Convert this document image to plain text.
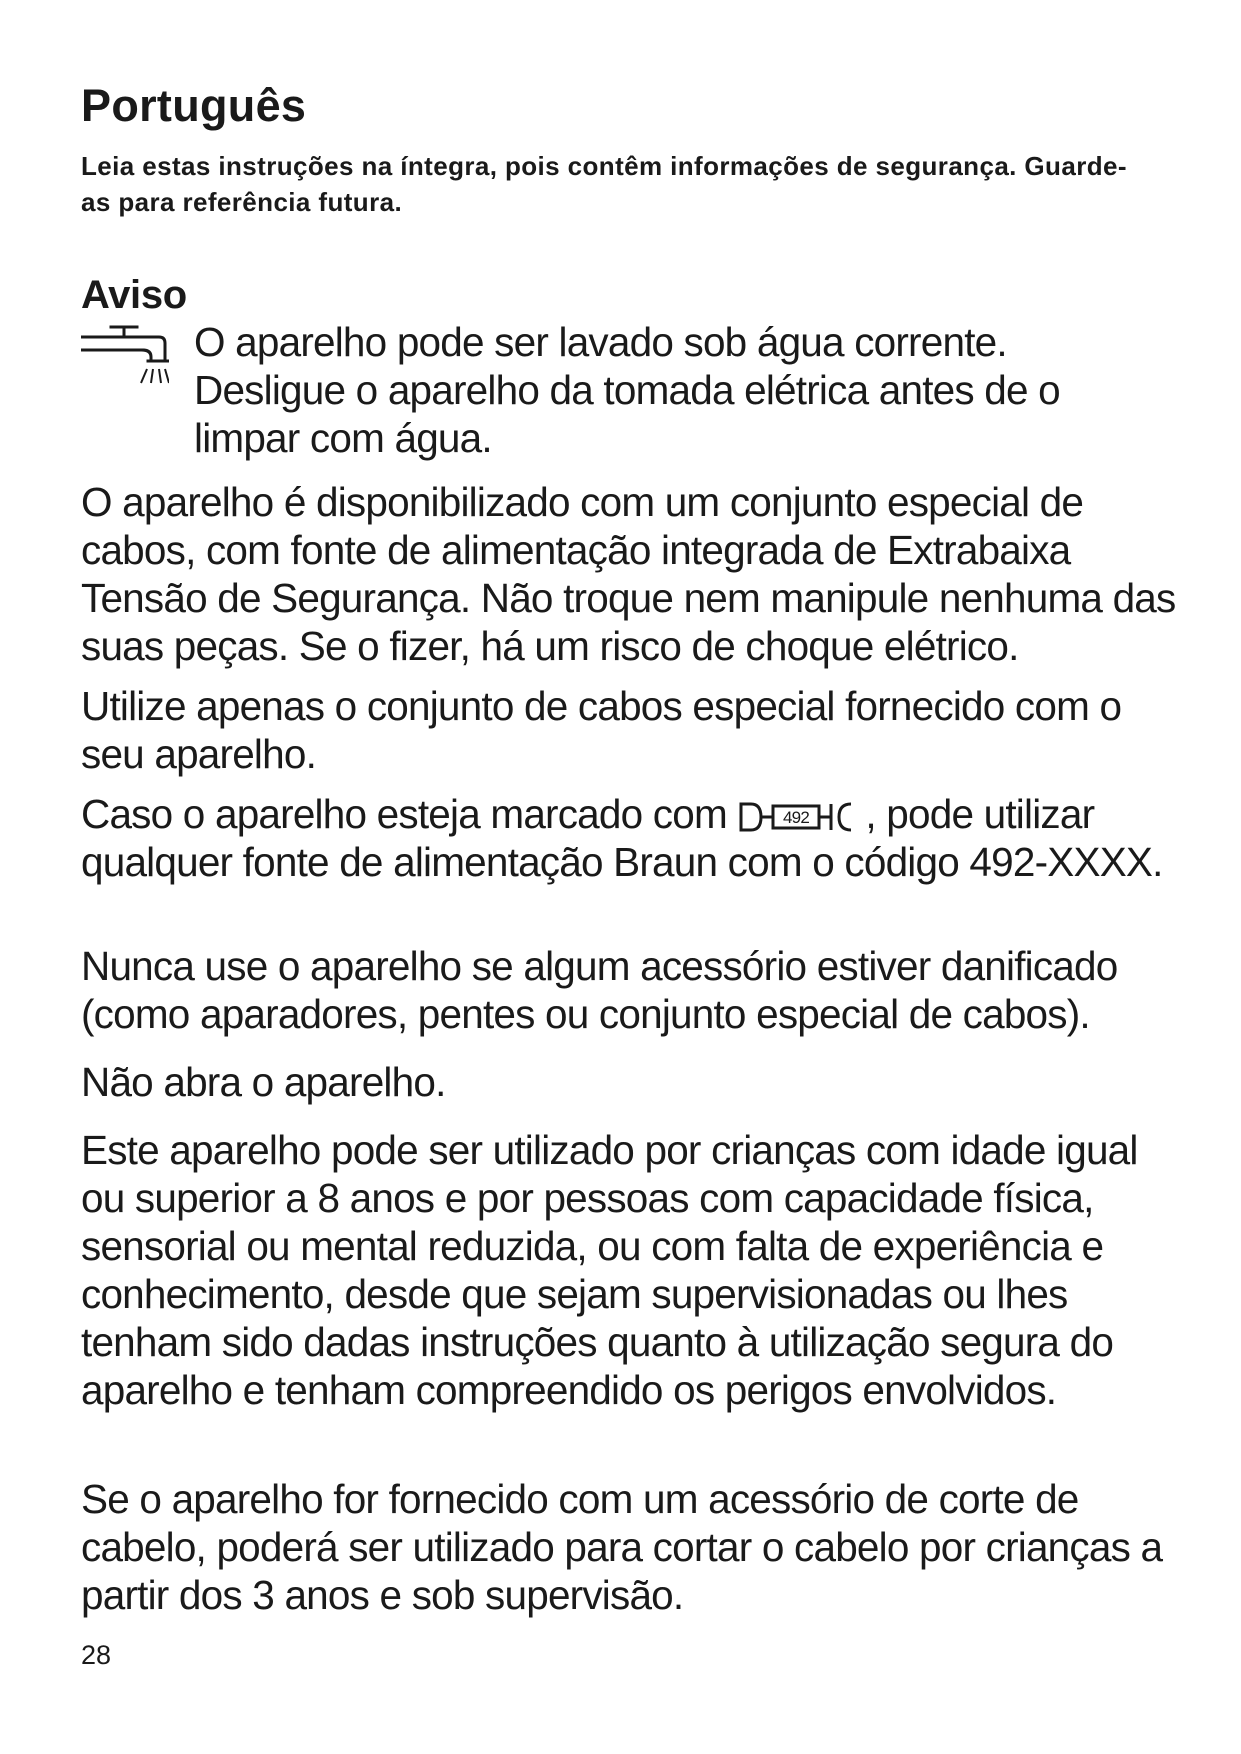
Português

Leia estas instruções na íntegra, pois contêm informações de segurança. Guarde-as para referência futura.

Aviso

O aparelho pode ser lavado sob água corrente. Desligue o aparelho da tomada elétrica antes de o limpar com água.

O aparelho é disponibilizado com um conjunto especial de cabos, com fonte de alimentação integrada de Extrabaixa Tensão de Segurança. Não troque nem manipule nenhuma das suas peças. Se o fizer, há um risco de choque elétrico.

Utilize apenas o conjunto de cabos especial fornecido com o seu aparelho.

Caso o aparelho esteja marcado com	492 , pode utilizar qualquer fonte de alimentação Braun com o código 492-XXXX.

Nunca use o aparelho se algum acessório estiver danificado (como aparadores, pentes ou conjunto especial de cabos).

Não abra o aparelho.

Este aparelho pode ser utilizado por crianças com idade igual ou superior a 8 anos e por pessoas com capacidade física, sensorial ou mental reduzida, ou com falta de experiência e conhecimento, desde que sejam supervisionadas ou lhes tenham sido dadas instruções quanto à utilização segura do aparelho e tenham compreendido os perigos envolvidos.

Se o aparelho for fornecido com um acessório de corte de cabelo, poderá ser utilizado para cortar o cabelo por crianças a partir dos 3 anos e sob supervisão.

28
